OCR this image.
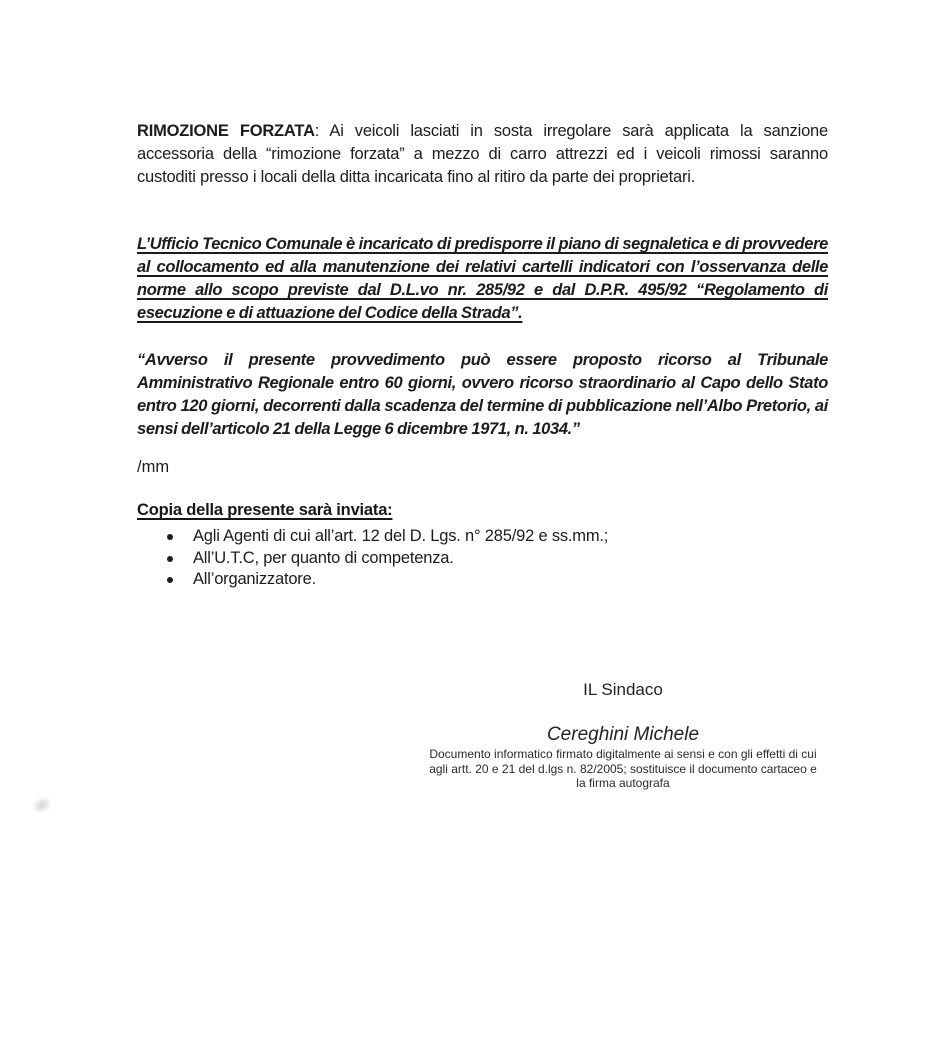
RIMOZIONE FORZATA: Ai veicoli lasciati in sosta irregolare sarà applicata la sanzione accessoria della “rimozione forzata” a mezzo di carro attrezzi ed i veicoli rimossi saranno custoditi presso i locali della ditta incaricata fino al ritiro da parte dei proprietari.

L’Ufficio Tecnico Comunale è incaricato di predisporre il piano di segnaletica e di provvedere al collocamento ed alla manutenzione dei relativi cartelli indicatori con l’osservanza delle norme allo scopo previste dal D.L.vo nr. 285/92 e dal D.P.R. 495/92 “Regolamento di esecuzione e di attuazione del Codice della Strada”.

“Avverso il presente provvedimento può essere proposto ricorso al Tribunale Amministrativo Regionale entro 60 giorni, ovvero ricorso straordinario al Capo dello Stato entro 120 giorni, decorrenti dalla scadenza del termine di pubblicazione nell’Albo Pretorio, ai sensi dell’articolo 21 della Legge 6 dicembre 1971, n. 1034.”

/mm

Copia della presente sarà inviata:
Agli Agenti di cui all’art. 12 del D. Lgs. n° 285/92 e ss.mm.;
All’U.T.C, per quanto di competenza.
All’organizzatore.
IL Sindaco
Cereghini Michele
Documento informatico firmato digitalmente ai sensi e con gli effetti di cui agli artt. 20 e 21 del d.lgs n. 82/2005; sostituisce il documento cartaceo e la firma autografa
